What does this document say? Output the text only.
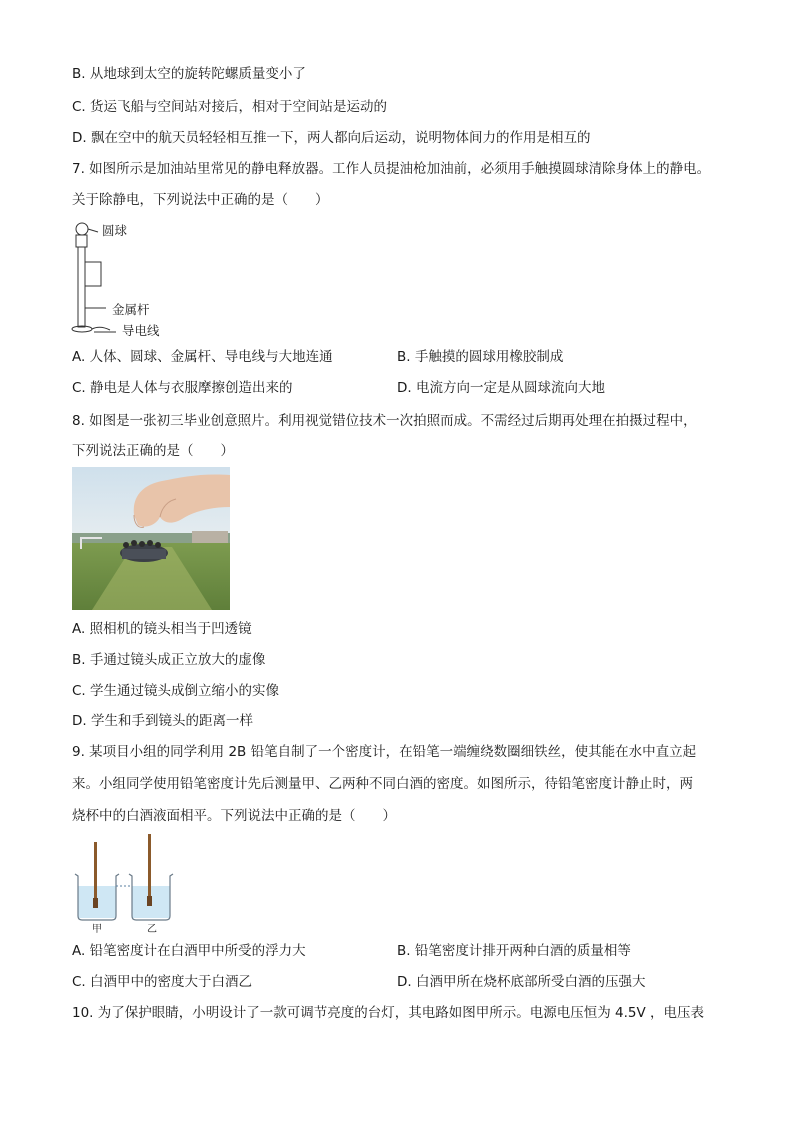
B. 从地球到太空的旋转陀螺质量变小了
C. 货运飞船与空间站对接后，相对于空间站是运动的
D. 飘在空中的航天员轻轻相互推一下，两人都向后运动，说明物体间力的作用是相互的
7. 如图所示是加油站里常见的静电释放器。工作人员提油枪加油前，必须用手触摸圆球清除身体上的静电。
关于除静电，下列说法中正确的是（　　）
圆球
金属杆
导电线
A. 人体、圆球、金属杆、导电线与大地连通	B. 手触摸的圆球用橡胶制成
C. 静电是人体与衣服摩擦创造出来的	D. 电流方向一定是从圆球流向大地
8. 如图是一张初三毕业创意照片。利用视觉错位技术一次拍照而成。不需经过后期再处理在拍摄过程中，
下列说法正确的是（　　）
A. 照相机的镜头相当于凹透镜
B. 手通过镜头成正立放大的虚像
C. 学生通过镜头成倒立缩小的实像
D. 学生和手到镜头的距离一样
9. 某项目小组的同学利用 2B 铅笔自制了一个密度计，在铅笔一端缠绕数圈细铁丝，使其能在水中直立起
来。小组同学使用铅笔密度计先后测量甲、乙两种不同白酒的密度。如图所示，待铅笔密度计静止时，两
烧杯中的白酒液面相平。下列说法中正确的是（　　）
甲	乙
A. 铅笔密度计在白酒甲中所受的浮力大	B. 铅笔密度计排开两种白酒的质量相等
C. 白酒甲中的密度大于白酒乙	D. 白酒甲所在烧杯底部所受白酒的压强大
10. 为了保护眼睛，小明设计了一款可调节亮度的台灯，其电路如图甲所示。电源电压恒为 4.5V ，电压表
